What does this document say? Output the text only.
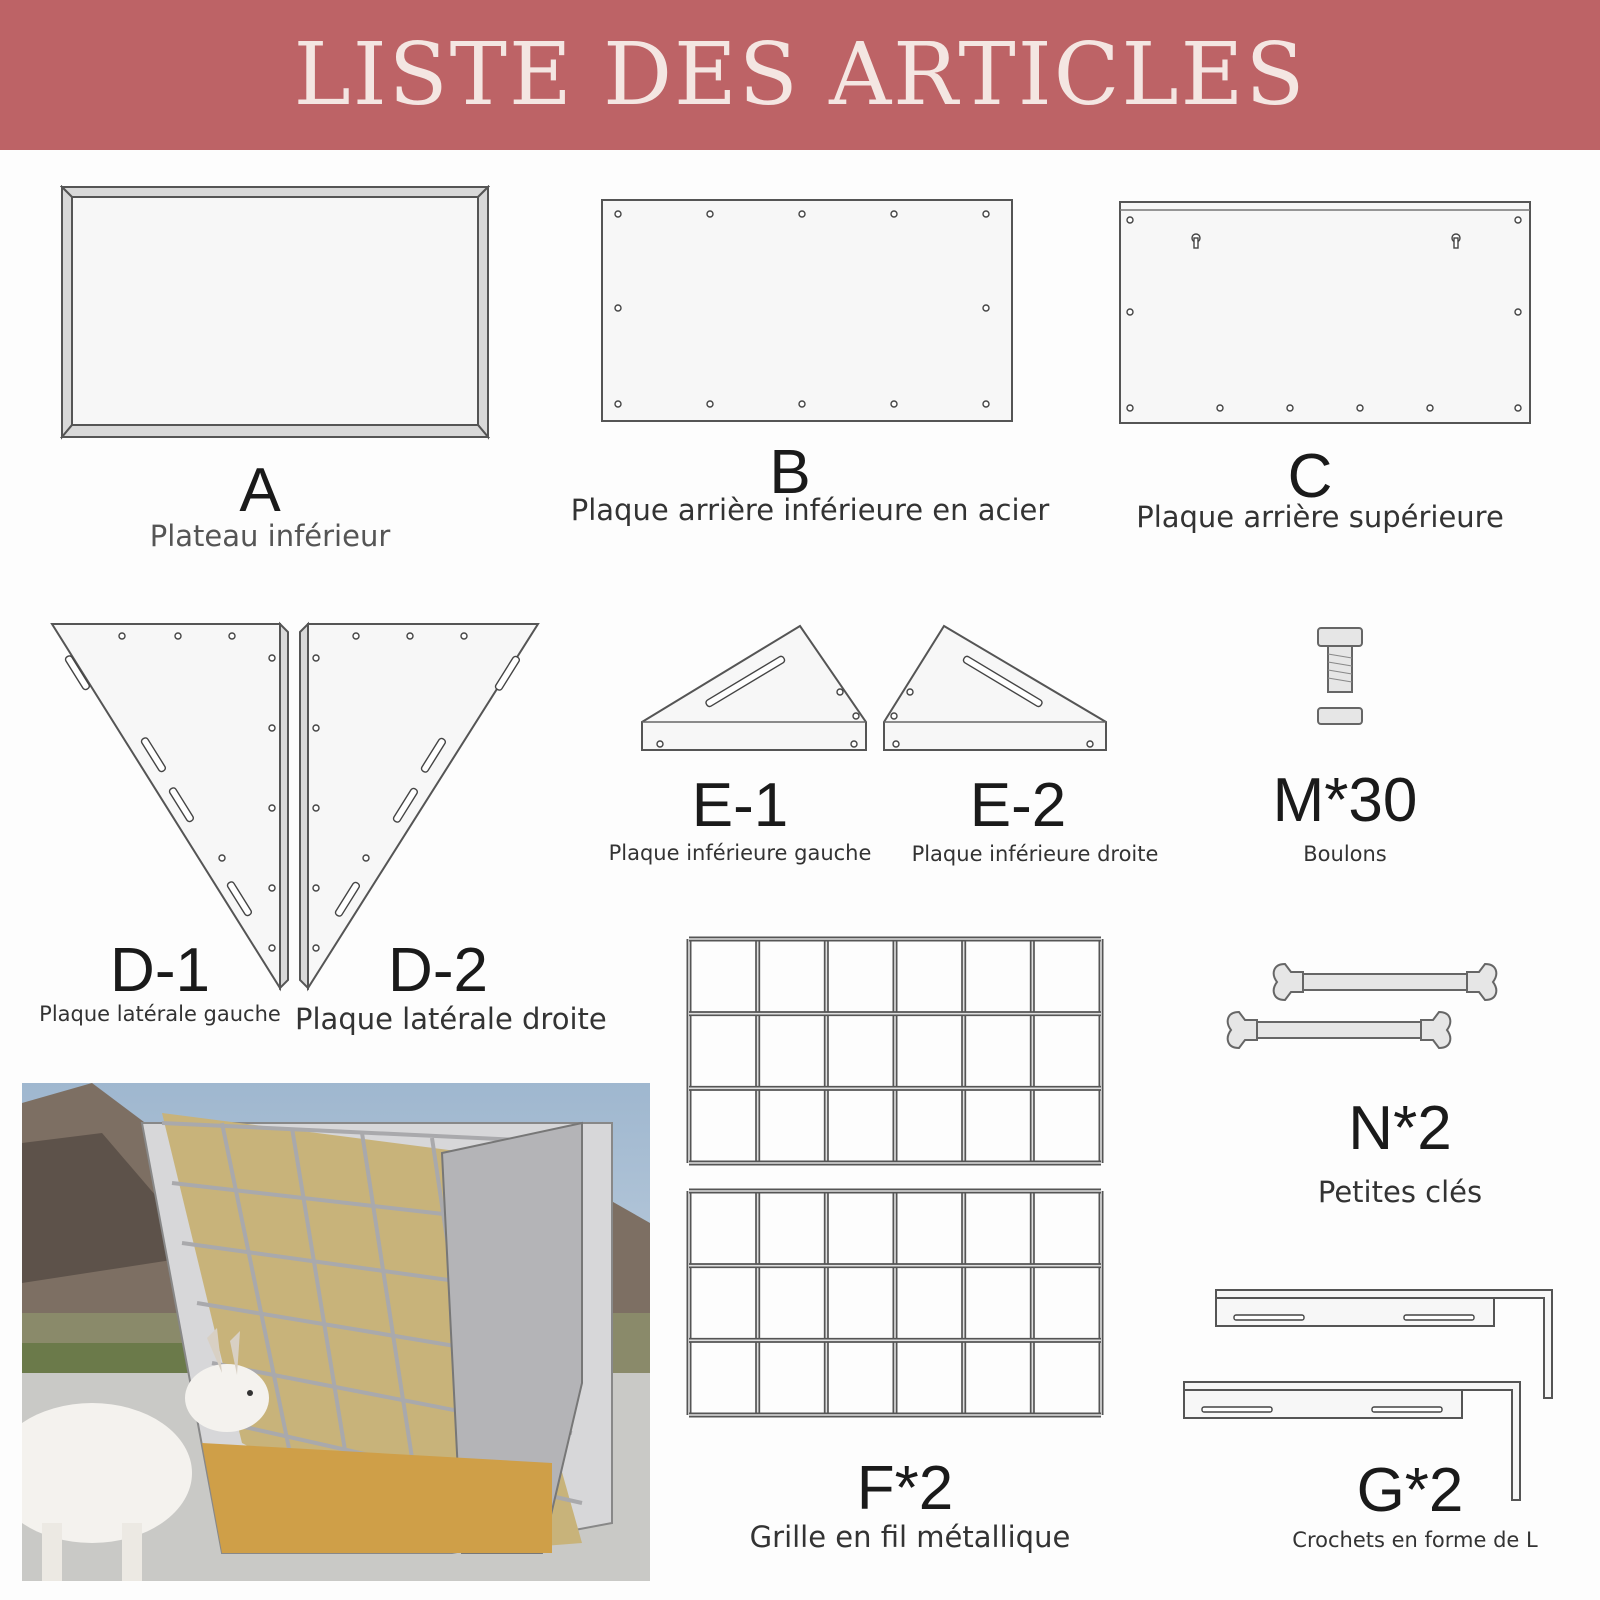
LISTE DES ARTICLES
A
Plateau inférieur
B
Plaque arrière inférieure en acier	C
Plaque arrière supérieure
D-1
Plaque latérale gauche
D-2
Plaque latérale droite
E-1
Plaque inférieure gauche
E-2
Plaque inférieure droite
M*30
Boulons
F*2
Grille en fil métallique
N*2
Petites clés
G*2
Crochets en forme de L
